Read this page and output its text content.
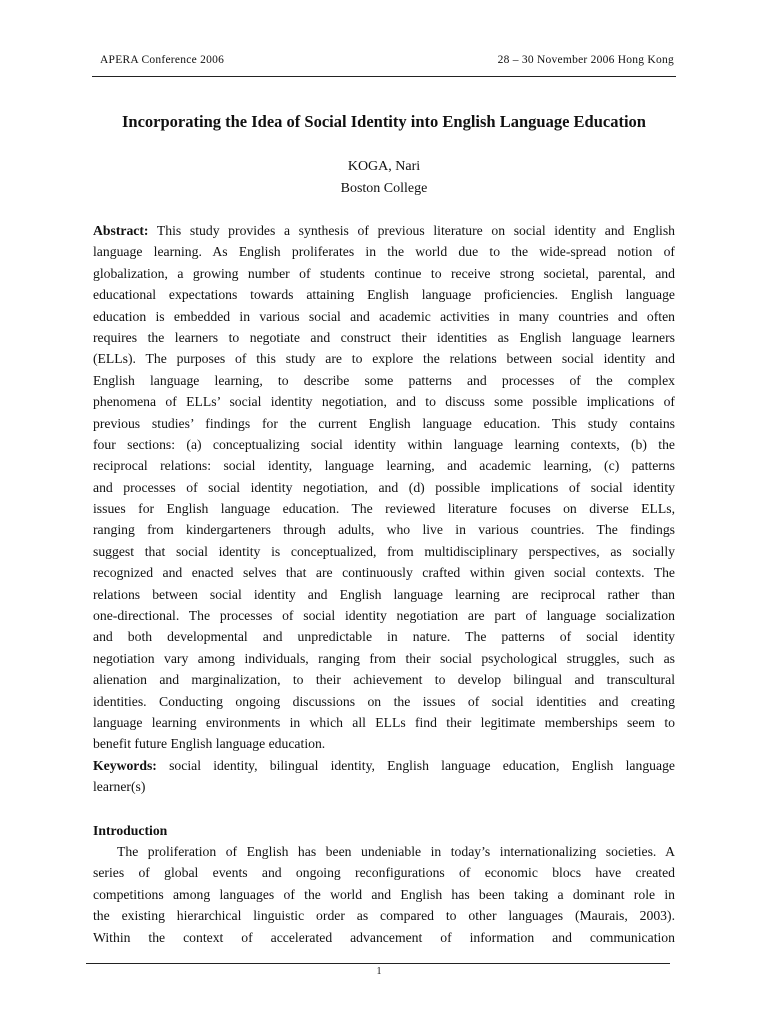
APERA Conference 2006	28 – 30 November 2006 Hong Kong
Incorporating the Idea of Social Identity into English Language Education
KOGA, Nari
Boston College
Abstract: This study provides a synthesis of previous literature on social identity and English
language learning. As English proliferates in the world due to the wide-spread notion of
globalization, a growing number of students continue to receive strong societal, parental, and
educational expectations towards attaining English language proficiencies. English language
education is embedded in various social and academic activities in many countries and often
requires the learners to negotiate and construct their identities as English language learners
(ELLs). The purposes of this study are to explore the relations between social identity and
English language learning, to describe some patterns and processes of the complex
phenomena of ELLs’ social identity negotiation, and to discuss some possible implications of
previous studies’ findings for the current English language education. This study contains
four sections: (a) conceptualizing social identity within language learning contexts, (b) the
reciprocal relations: social identity, language learning, and academic learning, (c) patterns
and processes of social identity negotiation, and (d) possible implications of social identity
issues for English language education. The reviewed literature focuses on diverse ELLs,
ranging from kindergarteners through adults, who live in various countries. The findings
suggest that social identity is conceptualized, from multidisciplinary perspectives, as socially
recognized and enacted selves that are continuously crafted within given social contexts. The
relations between social identity and English language learning are reciprocal rather than
one-directional. The processes of social identity negotiation are part of language socialization
and both developmental and unpredictable in nature. The patterns of social identity
negotiation vary among individuals, ranging from their social psychological struggles, such as
alienation and marginalization, to their achievement to develop bilingual and transcultural
identities. Conducting ongoing discussions on the issues of social identities and creating
language learning environments in which all ELLs find their legitimate memberships seem to
benefit future English language education.
Keywords: social identity, bilingual identity, English language education, English language
learner(s)
Introduction
The proliferation of English has been undeniable in today’s internationalizing societies. A
series of global events and ongoing reconfigurations of economic blocs have created
competitions among languages of the world and English has been taking a dominant role in
the existing hierarchical linguistic order as compared to other languages (Maurais, 2003).
Within the context of accelerated advancement of information and communication
1
